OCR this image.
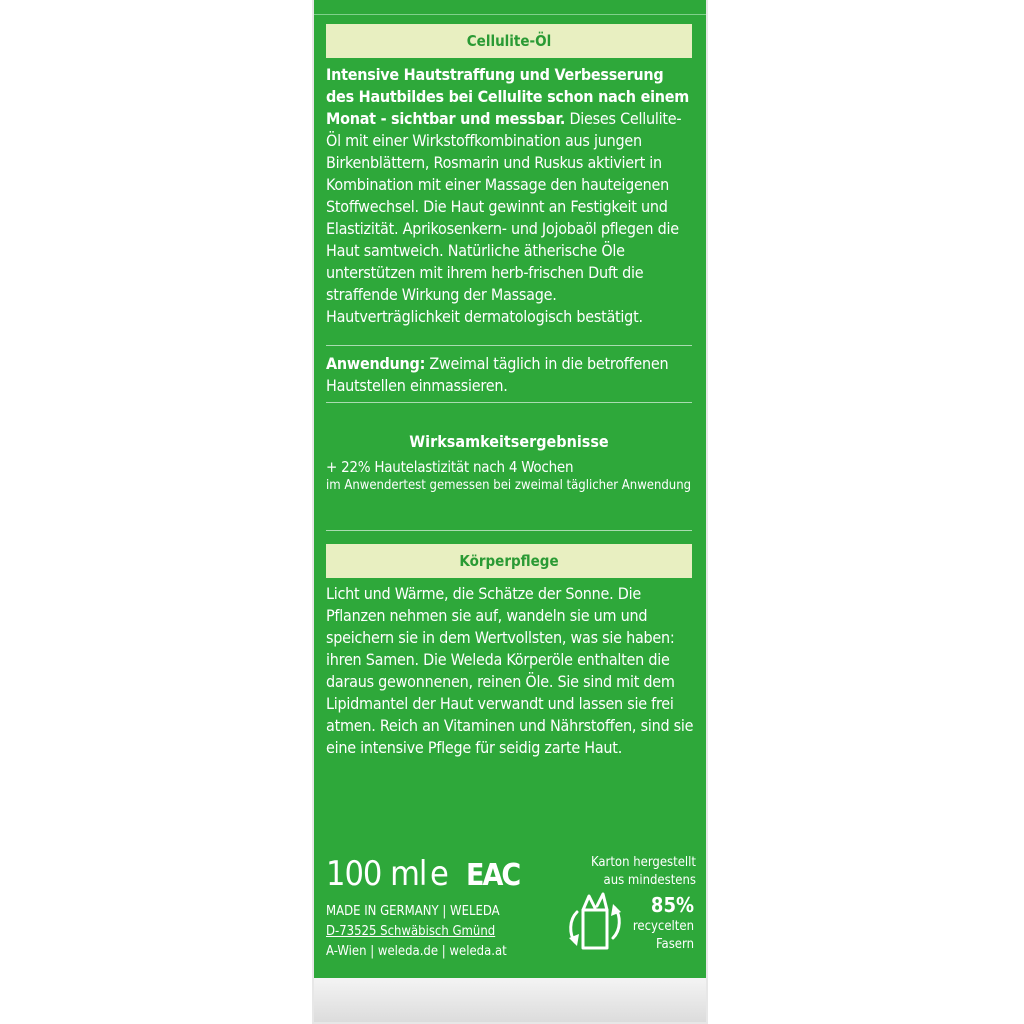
Cellulite-Öl
Intensive Hautstraffung und Verbesserung des Hautbildes bei Cellulite schon nach einem Monat - sichtbar und messbar. Dieses Cellulite-Öl mit einer Wirkstoffkombination aus jungen Birkenblättern, Rosmarin und Ruskus aktiviert in Kombination mit einer Massage den hauteigenen Stoffwechsel. Die Haut gewinnt an Festigkeit und Elastizität. Aprikosenkern- und Jojobaöl pflegen die Haut samtweich. Natürliche ätherische Öle unterstützen mit ihrem herb-frischen Duft die straffende Wirkung der Massage. Hautverträglichkeit dermatologisch bestätigt.
Anwendung: Zweimal täglich in die betroffenen Hautstellen einmassieren.
Wirksamkeitsergebnisse
+ 22% Hautelastizität nach 4 Wochen
im Anwendertest gemessen bei zweimal täglicher Anwendung
Körperpflege
Licht und Wärme, die Schätze der Sonne. Die Pflanzen nehmen sie auf, wandeln sie um und speichern sie in dem Wertvollsten, was sie haben: ihren Samen. Die Weleda Körperöle enthalten die daraus gewonnenen, reinen Öle. Sie sind mit dem Lipidmantel der Haut verwandt und lassen sie frei atmen. Reich an Vitaminen und Nährstoffen, sind sie eine intensive Pflege für seidig zarte Haut.
100 ml e EAC
MADE IN GERMANY | WELEDA
D-73525 Schwäbisch Gmünd
A-Wien | weleda.de | weleda.at
Karton hergestellt
aus mindestens
85%
recycelten
Fasern
